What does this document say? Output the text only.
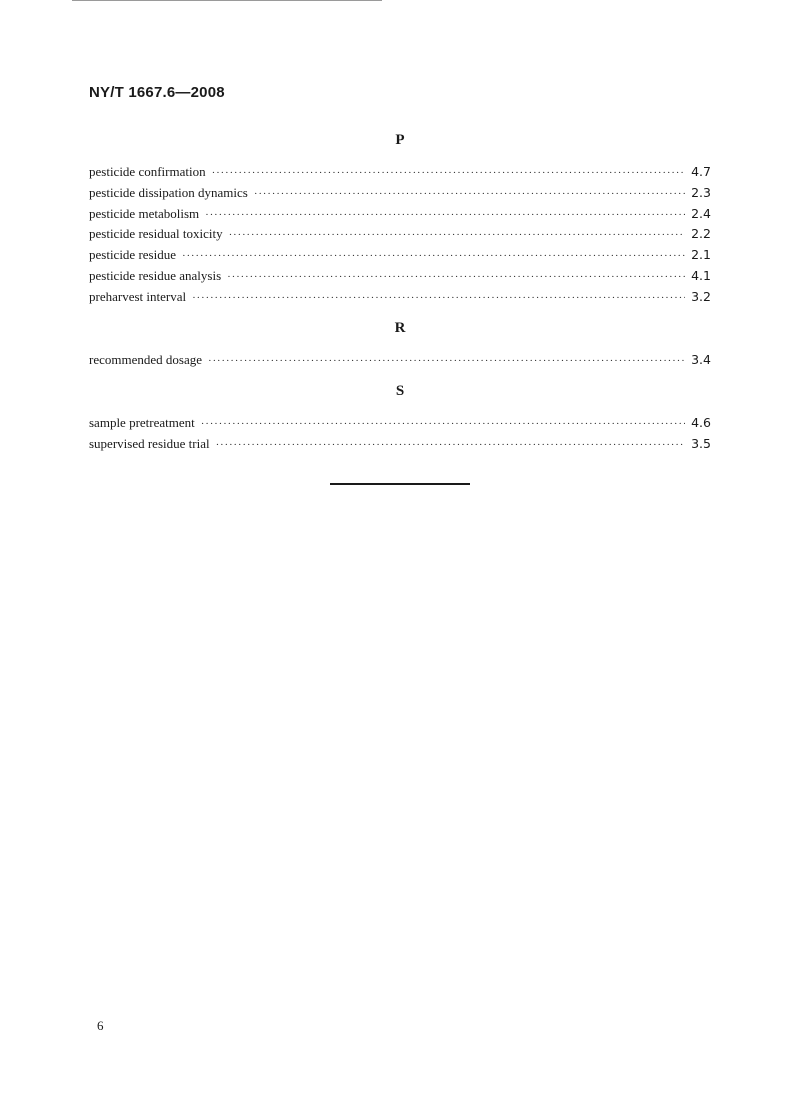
NY/T 1667.6—2008
P
pesticide confirmation ·····	4.7
pesticide dissipation dynamics ·····	2.3
pesticide metabolism ·····	2.4
pesticide residual toxicity ·····	2.2
pesticide residue ·····	2.1
pesticide residue analysis ·····	4.1
preharvest interval ·····	3.2
R
recommended dosage ·····	3.4
S
sample pretreatment ·····	4.6
supervised residue trial ·····	3.5
6
